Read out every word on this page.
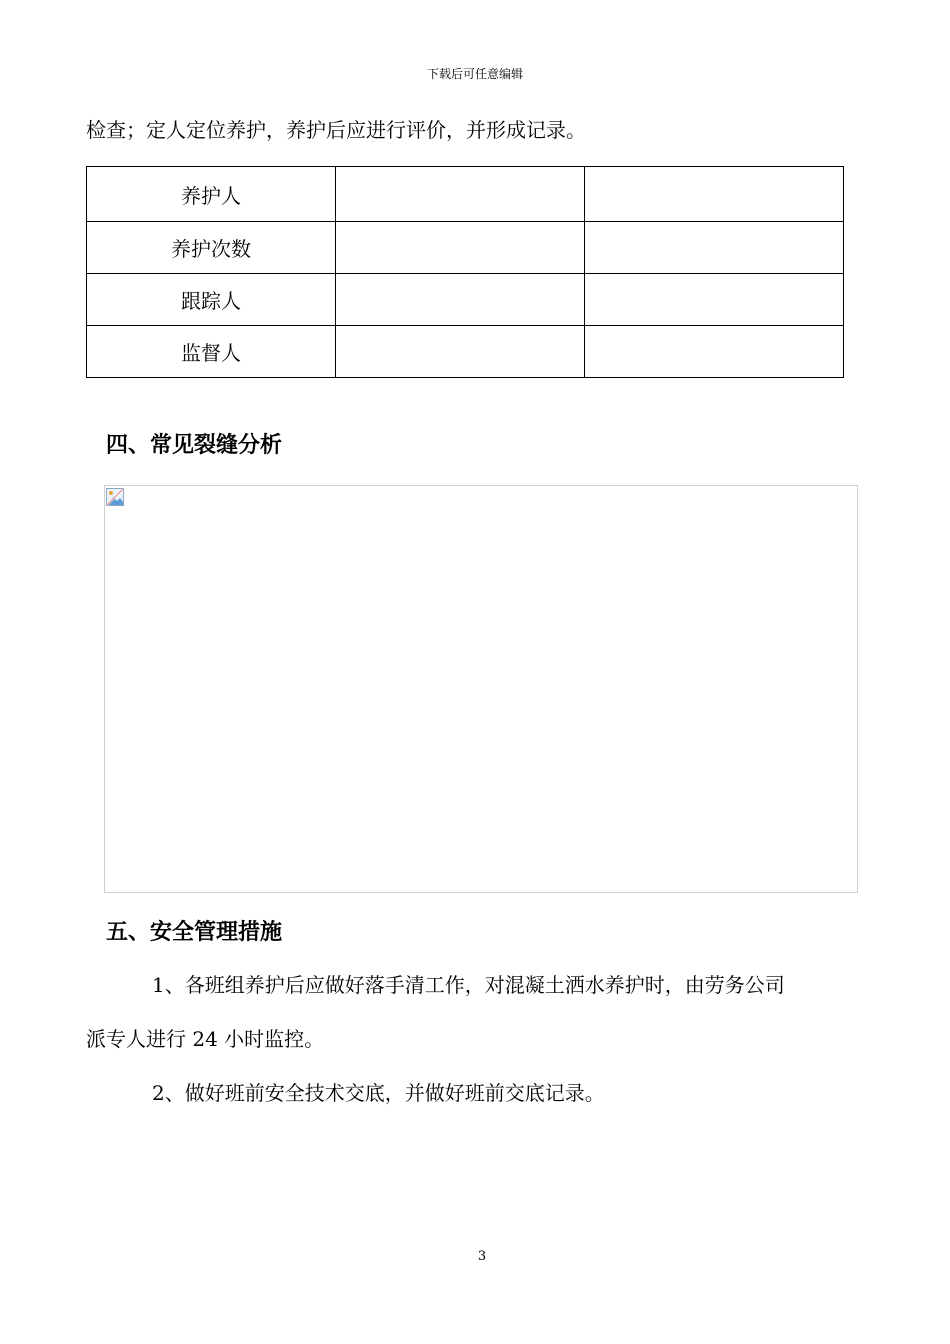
下载后可任意编辑
检查；定人定位养护，养护后应进行评价，并形成记录。
养护人		
养护次数		
跟踪人		
监督人		
四、常见裂缝分析
五、安全管理措施
1、各班组养护后应做好落手清工作，对混凝土洒水养护时，由劳务公司
派专人进行 24 小时监控。
2、做好班前安全技术交底，并做好班前交底记录。
3
